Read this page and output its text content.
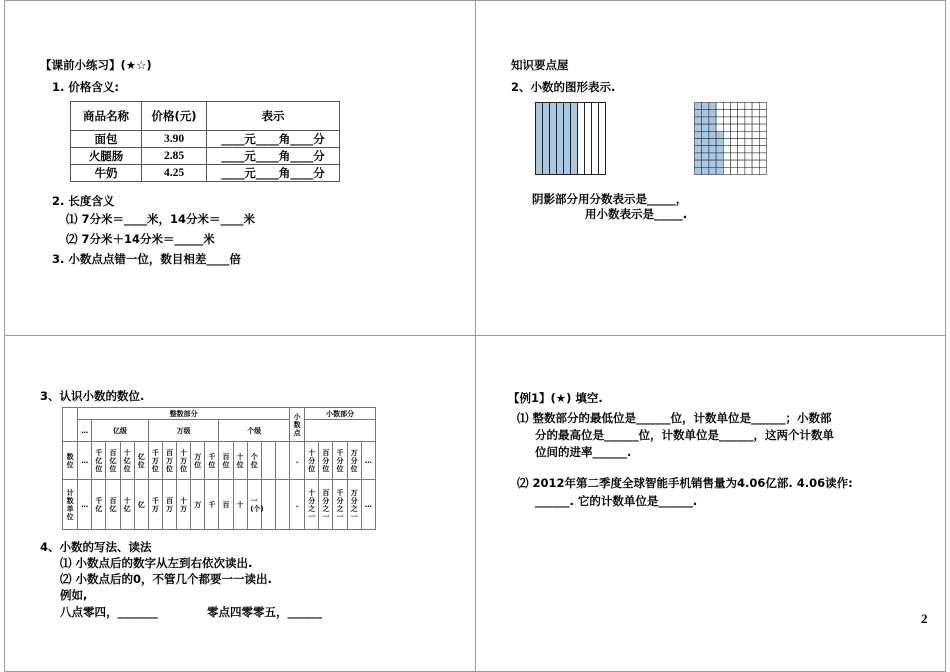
【课前小练习】(★☆)
1. 价格含义:
商品名称	价格(元)	表示
面包	3.90	____元____角____分
火腿肠	2.85	____元____角____分
牛奶	4.25	____元____角____分
2. 长度含义
⑴ 7分米＝____米，14分米＝____米
⑵ 7分米＋14分米＝_____米
3. 小数点点错一位，数目相差____倍
知识要点屋
2、小数的图形表示.
阴影部分用分数表示是_____，
用小数表示是_____.
3、认识小数的数位.
	整数部分															小数点	小数部分				
	…	亿级				万级					个级										
数位	…	千亿位	百亿位	十亿位	亿位	千万位	百万位	十万位	万位	千位	百位	十位	个位			.	十分位	百分位	千分位	万分位	…
计数单位	…	千亿	百亿	十亿	亿	千万	百万	十万	万	千	百	十	一(个)			.	十分之一	百分之一	千分之一	万分之一	…
4、小数的写法、读法
⑴ 小数点后的数字从左到右依次读出.
⑵ 小数点后的0，不管几个都要一一读出.
例如,
八点零四，_______	零点四零零五，______
【例1】(★) 填空.
⑴ 整数部分的最低位是______位，计数单位是______；小数部
分的最高位是______位，计数单位是______，这两个计数单
位间的进率______.
⑵ 2012年第二季度全球智能手机销售量为4.06亿部. 4.06读作:
______. 它的计数单位是______.
2
